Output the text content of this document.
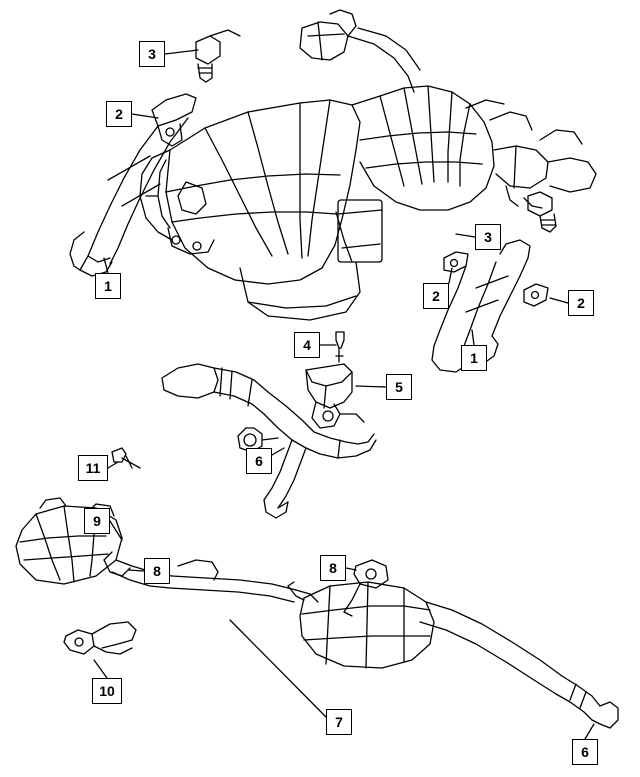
3
2
1
3
2	2
1
4
5
6
11
9
8	8
10
7
6
